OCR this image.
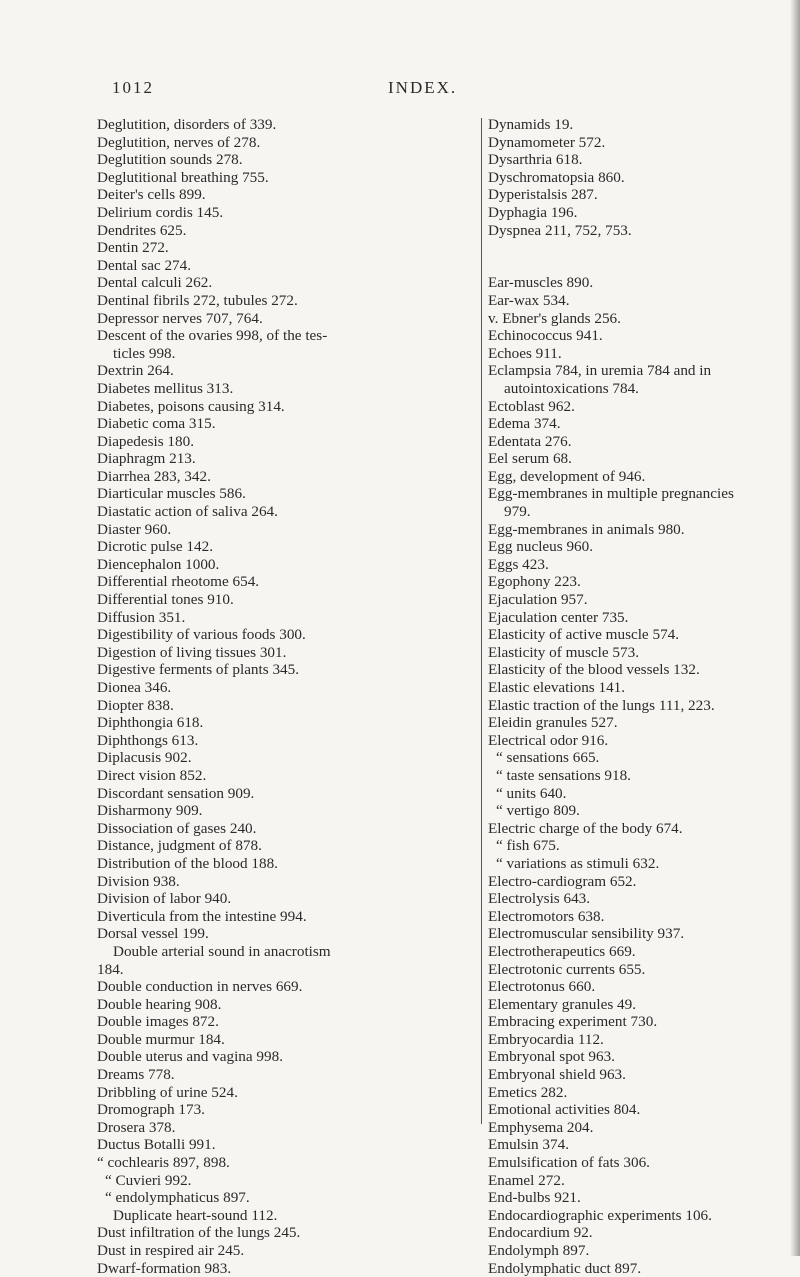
1012	INDEX.
Deglutition, disorders of 339.
Deglutition, nerves of 278.
Deglutition sounds 278.
Deglutitional breathing 755.
Deiter's cells 899.
Delirium cordis 145.
Dendrites 625.
Dentin 272.
Dental sac 274.
Dental calculi 262.
Dentinal fibrils 272, tubules 272.
Depressor nerves 707, 764.
Descent of the ovaries 998, of the tes-
ticles 998.
Dextrin 264.
Diabetes mellitus 313.
Diabetes, poisons causing 314.
Diabetic coma 315.
Diapedesis 180.
Diaphragm 213.
Diarrhea 283, 342.
Diarticular muscles 586.
Diastatic action of saliva 264.
Diaster 960.
Dicrotic pulse 142.
Diencephalon 1000.
Differential rheotome 654.
Differential tones 910.
Diffusion 351.
Digestibility of various foods 300.
Digestion of living tissues 301.
Digestive ferments of plants 345.
Dionea 346.
Diopter 838.
Diphthongia 618.
Diphthongs 613.
Diplacusis 902.
Direct vision 852.
Discordant sensation 909.
Disharmony 909.
Dissociation of gases 240.
Distance, judgment of 878.
Distribution of the blood 188.
Division 938.
Division of labor 940.
Diverticula from the intestine 994.
Dorsal vessel 199.
Double arterial sound in anacrotism
184.
Double conduction in nerves 669.
Double hearing 908.
Double images 872.
Double murmur 184.
Double uterus and vagina 998.
Dreams 778.
Dribbling of urine 524.
Dromograph 173.
Drosera 378.
Ductus Botalli 991.
“ cochlearis 897, 898.
“ Cuvieri 992.
“ endolymphaticus 897.
Duplicate heart-sound 112.
Dust infiltration of the lungs 245.
Dust in respired air 245.
Dwarf-formation 983.
Dynamids 19.
Dynamometer 572.
Dysarthria 618.
Dyschromatopsia 860.
Dyperistalsis 287.
Dyphagia 196.
Dyspnea 211, 752, 753.
Ear-muscles 890.
Ear-wax 534.
v. Ebner's glands 256.
Echinococcus 941.
Echoes 911.
Eclampsia 784, in uremia 784 and in
autointoxications 784.
Ectoblast 962.
Edema 374.
Edentata 276.
Eel serum 68.
Egg, development of 946.
Egg-membranes in multiple pregnancies
979.
Egg-membranes in animals 980.
Egg nucleus 960.
Eggs 423.
Egophony 223.
Ejaculation 957.
Ejaculation center 735.
Elasticity of active muscle 574.
Elasticity of muscle 573.
Elasticity of the blood vessels 132.
Elastic elevations 141.
Elastic traction of the lungs 111, 223.
Eleidin granules 527.
Electrical odor 916.
“ sensations 665.
“ taste sensations 918.
“ units 640.
“ vertigo 809.
Electric charge of the body 674.
“ fish 675.
“ variations as stimuli 632.
Electro-cardiogram 652.
Electrolysis 643.
Electromotors 638.
Electromuscular sensibility 937.
Electrotherapeutics 669.
Electrotonic currents 655.
Electrotonus 660.
Elementary granules 49.
Embracing experiment 730.
Embryocardia 112.
Embryonal spot 963.
Embryonal shield 963.
Emetics 282.
Emotional activities 804.
Emphysema 204.
Emulsin 374.
Emulsification of fats 306.
Enamel 272.
End-bulbs 921.
Endocardiographic experiments 106.
Endocardium 92.
Endolymph 897.
Endolymphatic duct 897.
